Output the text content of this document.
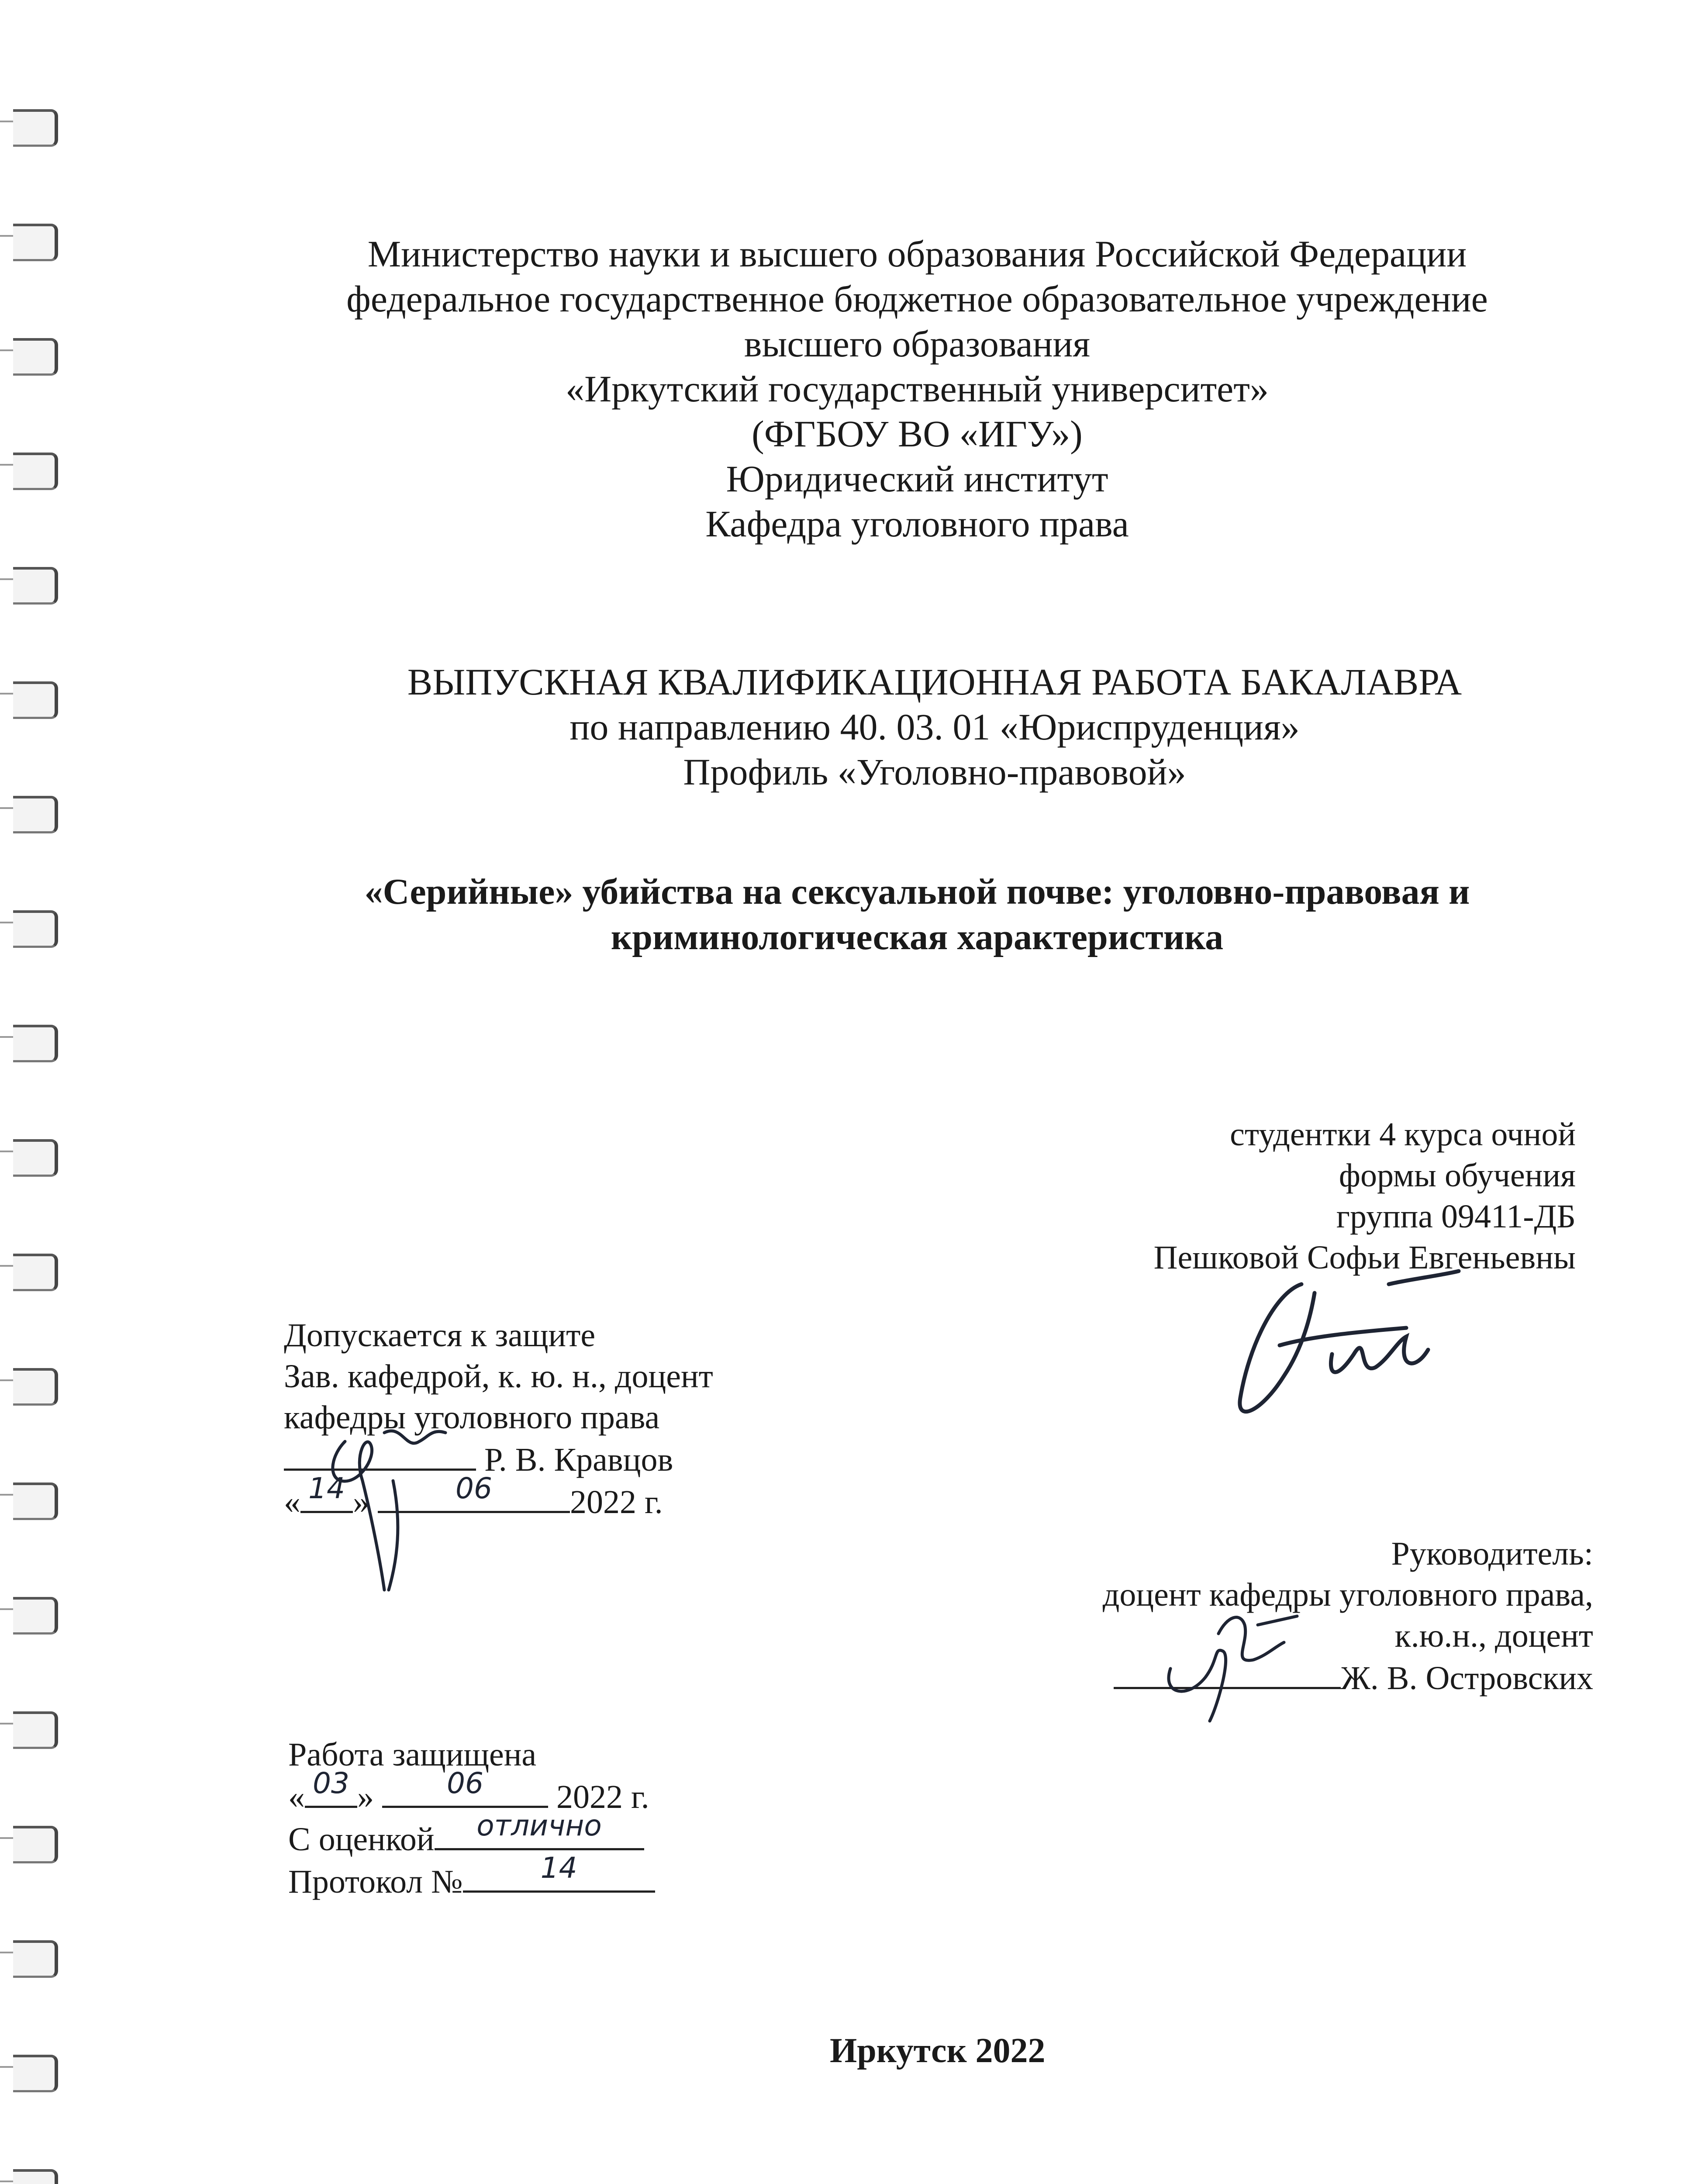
Министерство науки и высшего образования Российской Федерации
федеральное государственное бюджетное образовательное учреждение
высшего образования
«Иркутский государственный университет»
(ФГБОУ ВО «ИГУ»)
Юридический институт
Кафедра уголовного права
ВЫПУСКНАЯ КВАЛИФИКАЦИОННАЯ РАБОТА БАКАЛАВРА
по направлению 40. 03. 01 «Юриспруденция»
Профиль «Уголовно-правовой»
«Серийные» убийства на сексуальной почве: уголовно-правовая и
криминологическая характеристика
студентки 4 курса очной
формы обучения
группа 09411-ДБ
Пешковой Софьи Евгеньевны
Допускается к защите
Зав. кафедрой, к. ю. н., доцент
кафедры уголовного права
Р. В. Кравцов
« 14 »	06	2022 г.
Руководитель:
доцент кафедры уголовного права,
к.ю.н., доцент
Ж. В. Островских
Работа защищена
« 03 »	06	2022 г.
С оценкой	отлично
Протокол №	14
Иркутск 2022
